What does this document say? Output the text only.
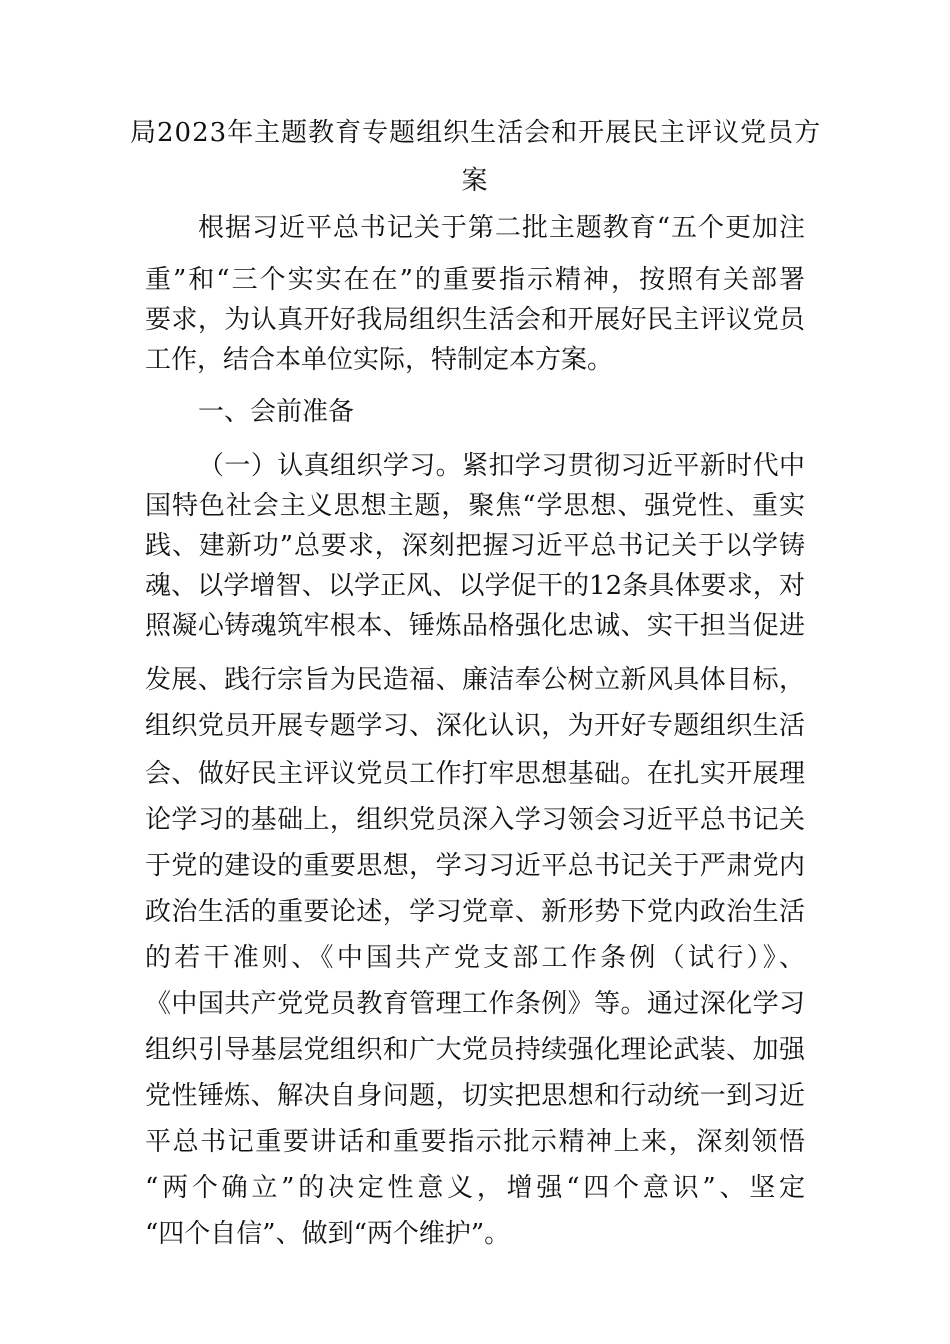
局2023年主题教育专题组织生活会和开展民主评议党员方
案
根据习近平总书记关于第二批主题教育“五个更加注
重”和“三个实实在在”的重要指示精神，按照有关部署
要求，为认真开好我局组织生活会和开展好民主评议党员
工作，结合本单位实际，特制定本方案。
一、会前准备
（一）认真组织学习。紧扣学习贯彻习近平新时代中
国特色社会主义思想主题，聚焦“学思想、强党性、重实
践、建新功”总要求，深刻把握习近平总书记关于以学铸
魂、以学增智、以学正风、以学促干的12条具体要求，对
照凝心铸魂筑牢根本、锤炼品格强化忠诚、实干担当促进
发展、践行宗旨为民造福、廉洁奉公树立新风具体目标，
组织党员开展专题学习、深化认识，为开好专题组织生活
会、做好民主评议党员工作打牢思想基础。在扎实开展理
论学习的基础上，组织党员深入学习领会习近平总书记关
于党的建设的重要思想，学习习近平总书记关于严肃党内
政治生活的重要论述，学习党章、新形势下党内政治生活
的若干准则、《中国共产党支部工作条例（试行）》、
《中国共产党党员教育管理工作条例》等。通过深化学习
组织引导基层党组织和广大党员持续强化理论武装、加强
党性锤炼、解决自身问题，切实把思想和行动统一到习近
平总书记重要讲话和重要指示批示精神上来，深刻领悟
“两个确立”的决定性意义，增强“四个意识”、坚定
“四个自信”、做到“两个维护”。
